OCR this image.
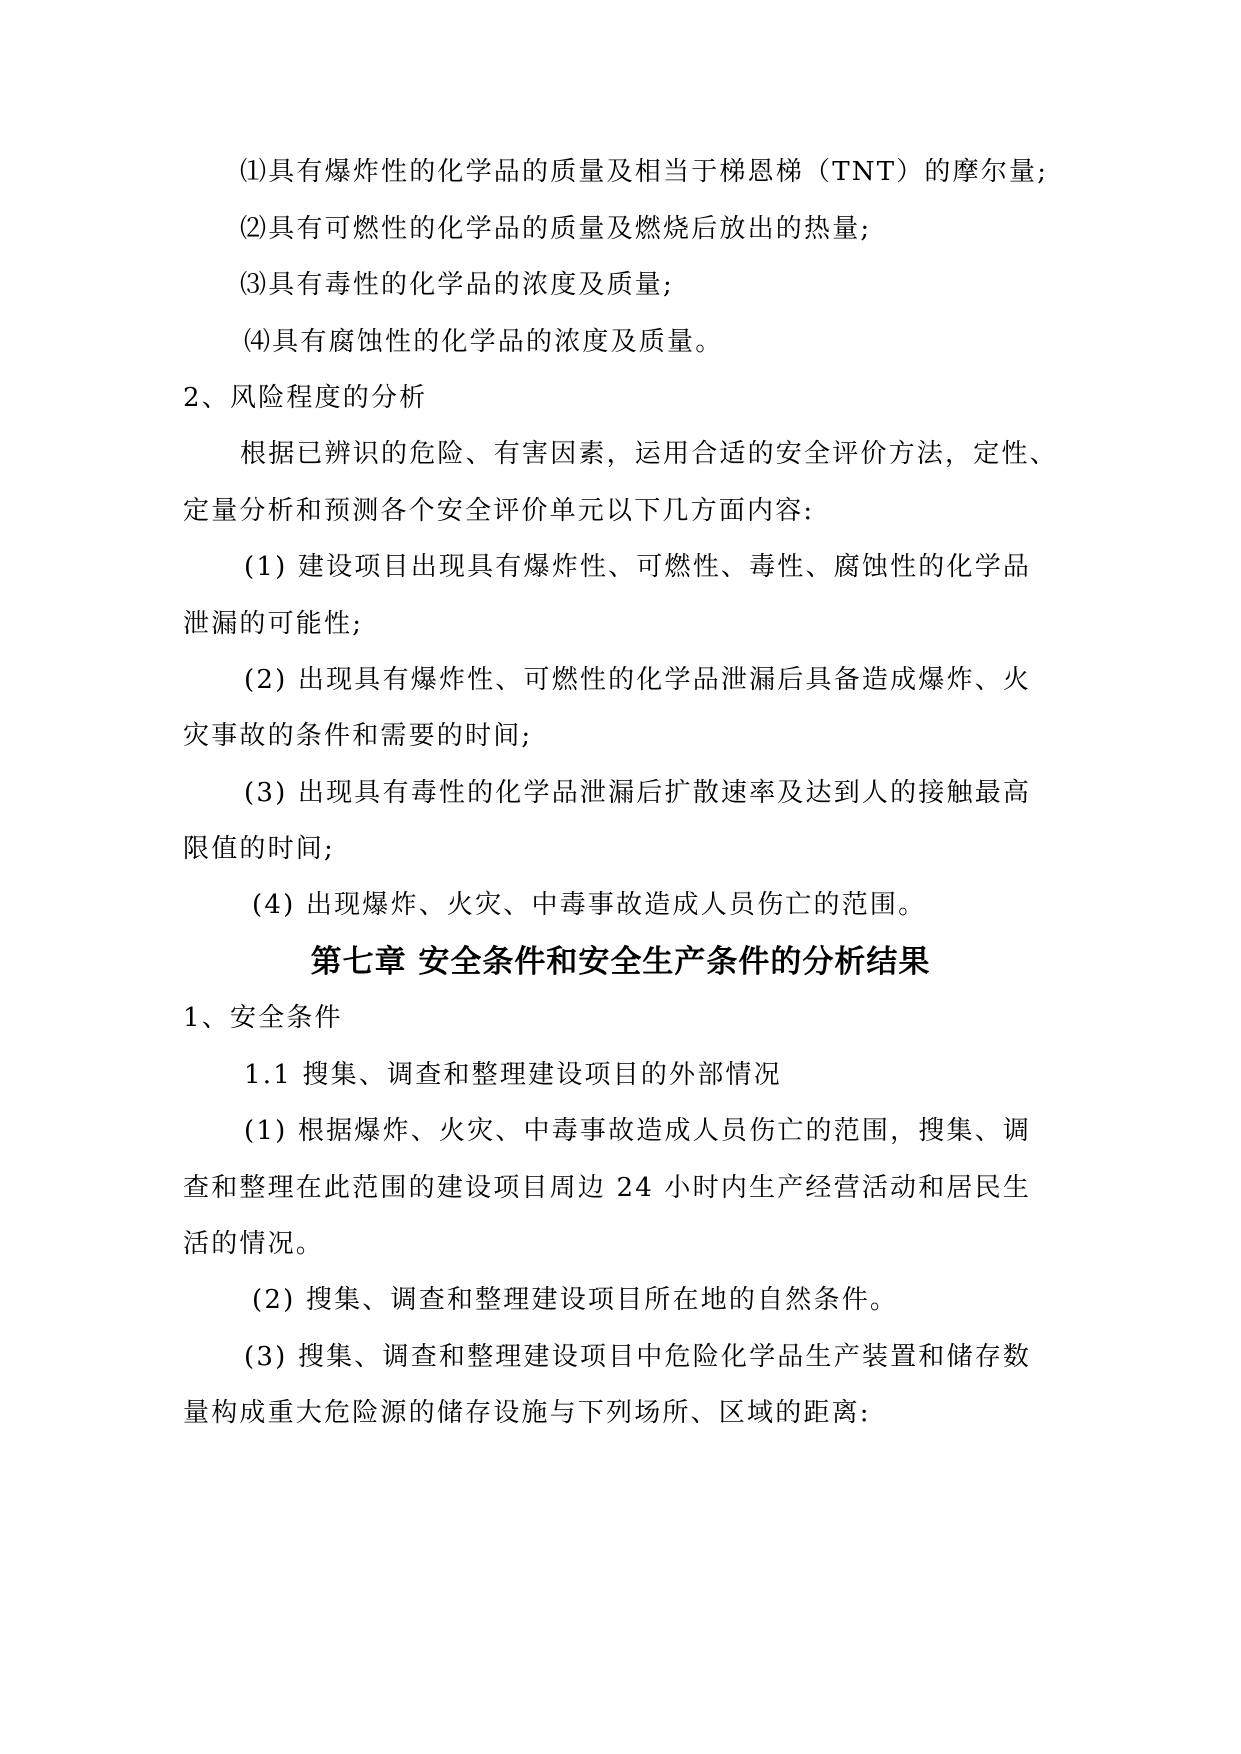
⑴具有爆炸性的化学品的质量及相当于梯恩梯（TNT）的摩尔量;
⑵具有可燃性的化学品的质量及燃烧后放出的热量;
⑶具有毒性的化学品的浓度及质量;
⑷具有腐蚀性的化学品的浓度及质量。
2、风险程度的分析
根据已辨识的危险、有害因素，运用合适的安全评价方法，定性、
定量分析和预测各个安全评价单元以下几方面内容:
(1) 建设项目出现具有爆炸性、可燃性、毒性、腐蚀性的化学品
泄漏的可能性;
(2) 出现具有爆炸性、可燃性的化学品泄漏后具备造成爆炸、火
灾事故的条件和需要的时间;
(3) 出现具有毒性的化学品泄漏后扩散速率及达到人的接触最高
限值的时间;
(4) 出现爆炸、火灾、中毒事故造成人员伤亡的范围。
第七章 安全条件和安全生产条件的分析结果
1、安全条件
1.1 搜集、调查和整理建设项目的外部情况
(1) 根据爆炸、火灾、中毒事故造成人员伤亡的范围，搜集、调
查和整理在此范围的建设项目周边 24 小时内生产经营活动和居民生
活的情况。
(2) 搜集、调查和整理建设项目所在地的自然条件。
(3) 搜集、调查和整理建设项目中危险化学品生产装置和储存数
量构成重大危险源的储存设施与下列场所、区域的距离:
